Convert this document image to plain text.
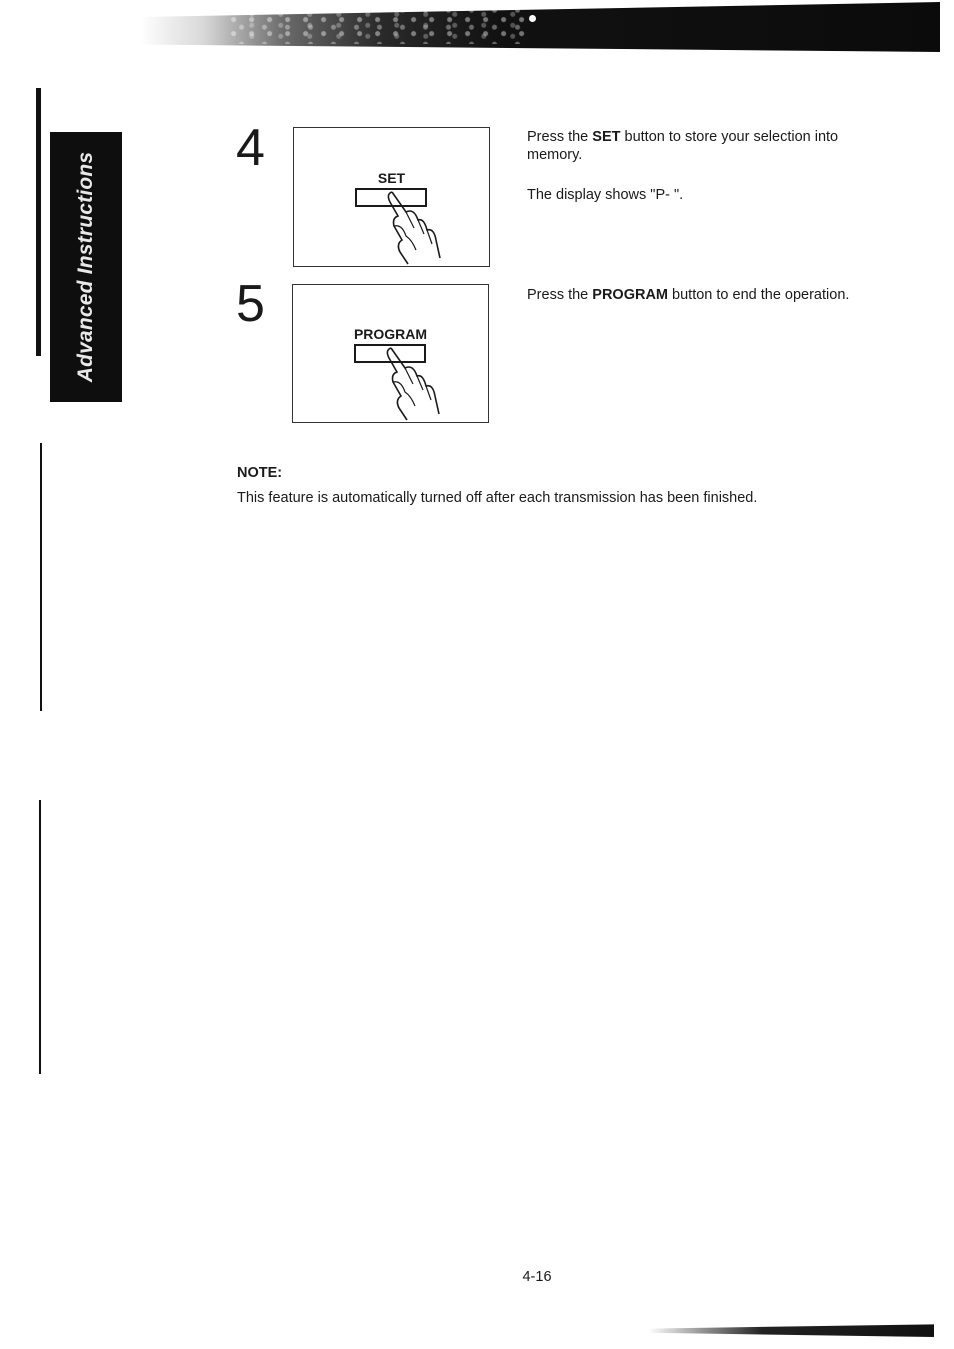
Advanced Instructions
4
SET
Press the SET button to store your selection into memory.
The display shows "P- ".
5
PROGRAM
Press the PROGRAM button to end the operation.
NOTE:
This feature is automatically turned off after each transmission has been finished.
4-16
